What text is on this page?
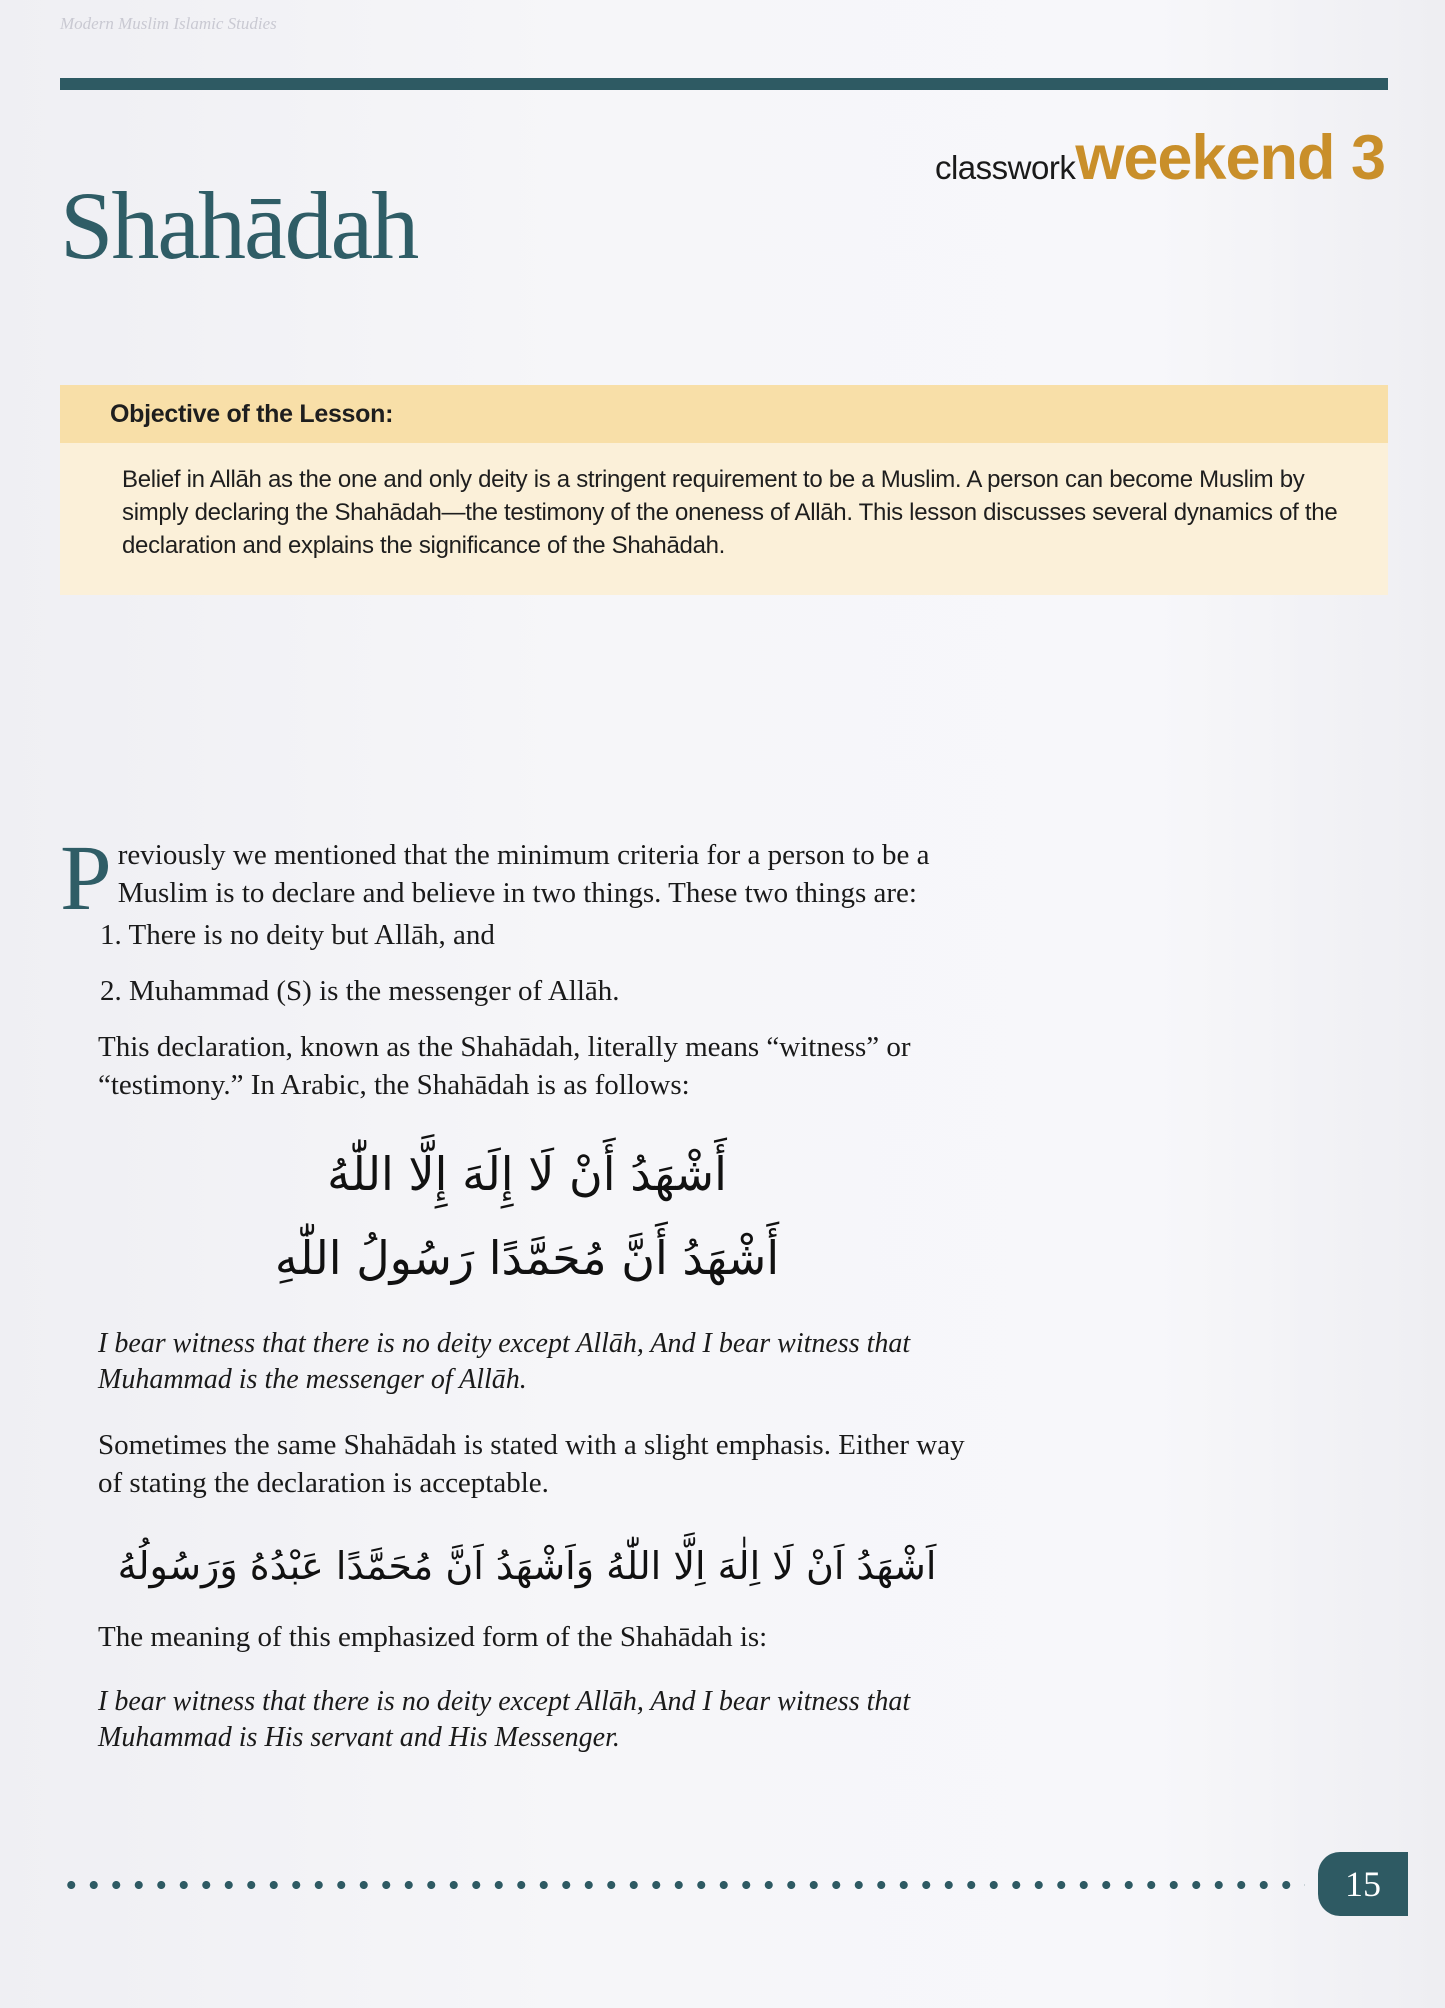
Modern Muslim Islamic Studies
classworkweekend 3
Shahādah
Objective of the Lesson:
Belief in Allāh as the one and only deity is a stringent requirement to be a Muslim. A person can become Muslim by simply declaring the Shahādah—the testimony of the oneness of Allāh. This lesson discusses several dynamics of the declaration and explains the significance of the Shahādah.

Previously we mentioned that the minimum criteria for a person to be a Muslim is to declare and believe in two things. These two things are:

1. There is no deity but Allāh, and
2. Muhammad (S) is the messenger of Allāh.

This declaration, known as the Shahādah, literally means “witness” or “testimony.” In Arabic, the Shahādah is as follows:

أَشْهَدُ أَنْ لَا إِلَهَ إِلَّا اللّٰهُ
أَشْهَدُ أَنَّ مُحَمَّدًا رَسُولُ اللّٰهِ

I bear witness that there is no deity except Allāh, And I bear witness that Muhammad is the messenger of Allāh.

Sometimes the same Shahādah is stated with a slight emphasis. Either way of stating the declaration is acceptable.

اَشْهَدُ اَنْ لَا اِلٰهَ اِلَّا اللّٰهُ وَاَشْهَدُ اَنَّ مُحَمَّدًا عَبْدُهُ وَرَسُولُهُ

The meaning of this emphasized form of the Shahādah is:

I bear witness that there is no deity except Allāh, And I bear witness that Muhammad is His servant and His Messenger.

15
